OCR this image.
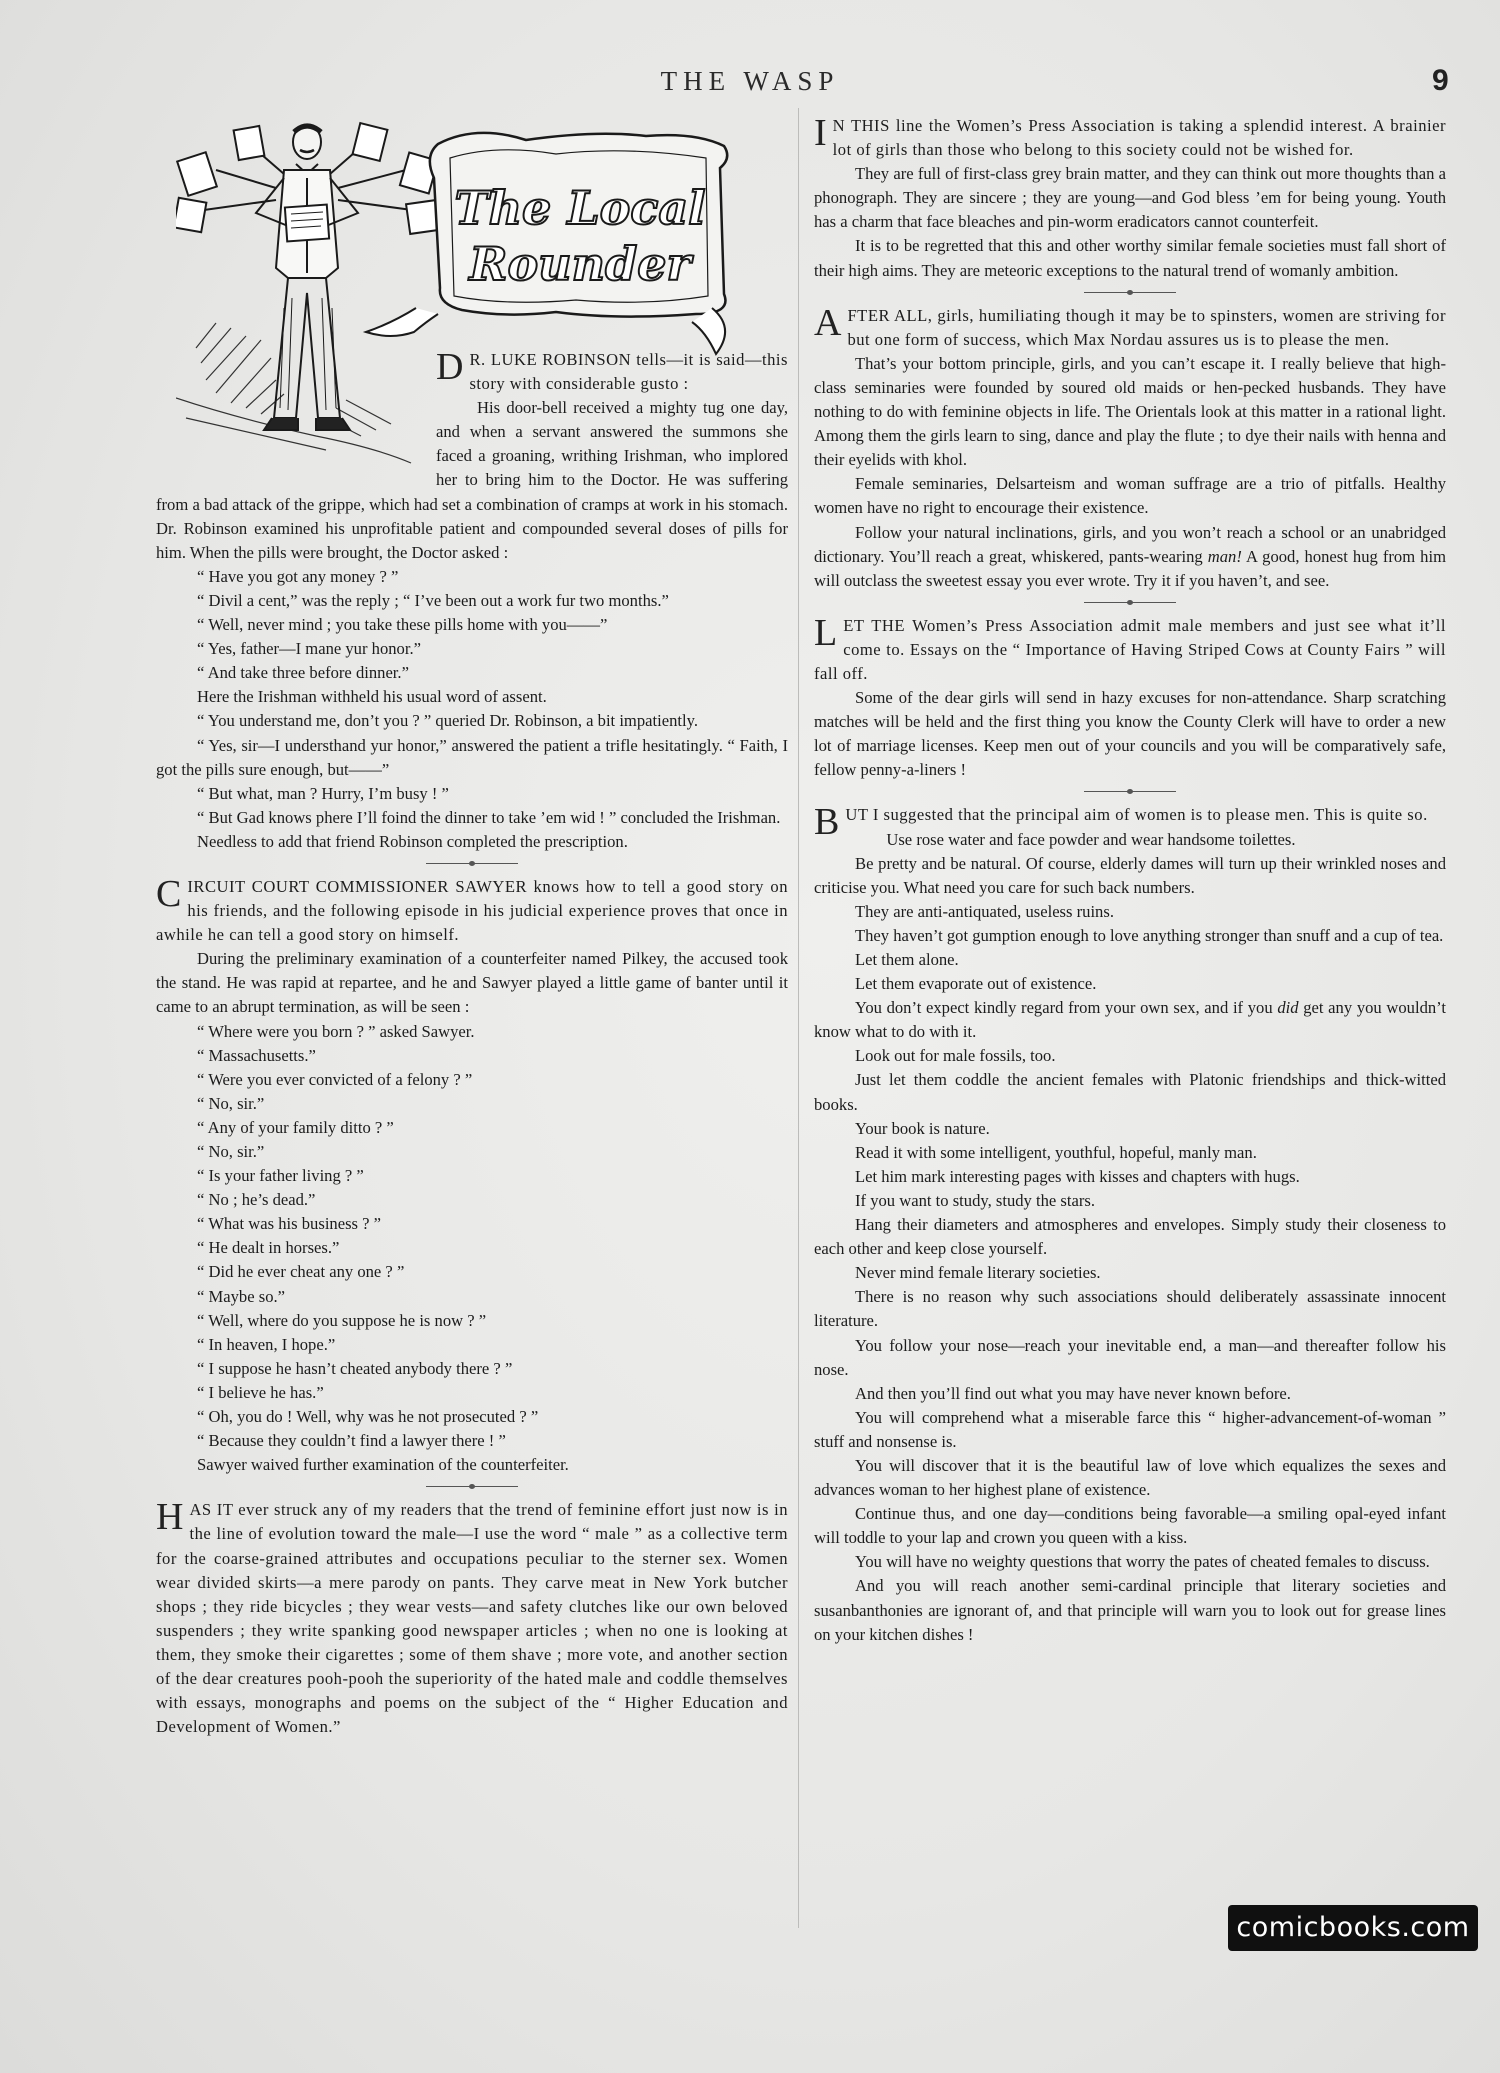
THE WASP	9
The Local
Rounder

D R. LUKE ROBINSON tells—it is said—this story with considerable gusto :

His door-bell received a mighty tug one day, and when a servant answered the summons she faced a groaning, writhing Irishman, who implored her to bring him to the Doctor. He was suffering from a bad attack of the grippe, which had set a combination of cramps at work in his stomach. Dr. Robinson examined his unprofitable patient and compounded several doses of pills for him. When the pills were brought, the Doctor asked :

“ Have you got any money ? ”

“ Divil a cent,” was the reply ; “ I’ve been out a work fur two months.”

“ Well, never mind ; you take these pills home with you——”

“ Yes, father—I mane yur honor.”

“ And take three before dinner.”

Here the Irishman withheld his usual word of assent.

“ You understand me, don’t you ? ” queried Dr. Robinson, a bit impatiently.

“ Yes, sir—I understhand yur honor,” answered the patient a trifle hesitatingly. “ Faith, I got the pills sure enough, but——”

“ But what, man ? Hurry, I’m busy ! ”

“ But Gad knows phere I’ll foind the dinner to take ’em wid ! ” concluded the Irishman.

Needless to add that friend Robinson completed the prescription.

CIRCUIT COURT COMMISSIONER SAWYER knows how to tell a good story on his friends, and the following episode in his judicial experience proves that once in awhile he can tell a good story on himself.

During the preliminary examination of a counterfeiter named Pilkey, the accused took the stand. He was rapid at repartee, and he and Sawyer played a little game of banter until it came to an abrupt termination, as will be seen :

“ Where were you born ? ” asked Sawyer.

“ Massachusetts.”

“ Were you ever convicted of a felony ? ”

“ No, sir.”

“ Any of your family ditto ? ”

“ No, sir.”

“ Is your father living ? ”

“ No ; he’s dead.”

“ What was his business ? ”

“ He dealt in horses.”

“ Did he ever cheat any one ? ”

“ Maybe so.”

“ Well, where do you suppose he is now ? ”

“ In heaven, I hope.”

“ I suppose he hasn’t cheated anybody there ? ”

“ I believe he has.”

“ Oh, you do ! Well, why was he not prosecuted ? ”

“ Because they couldn’t find a lawyer there ! ”

Sawyer waived further examination of the counterfeiter.

HAS IT ever struck any of my readers that the trend of feminine effort just now is in the line of evolution toward the male—I use the word “ male ” as a collective term for the coarse-grained attributes and occupations peculiar to the sterner sex. Women wear divided skirts—a mere parody on pants. They carve meat in New York butcher shops ; they ride bicycles ; they wear vests—and safety clutches like our own beloved suspenders ; they write spanking good newspaper articles ; when no one is looking at them, they smoke their cigarettes ; some of them shave ; more vote, and another section of the dear creatures pooh-pooh the superiority of the hated male and coddle themselves with essays, monographs and poems on the subject of the “ Higher Education and Development of Women.”

I N THIS line the Women’s Press Association is taking a splendid interest. A brainier lot of girls than those who belong to this society could not be wished for.

They are full of first-class grey brain matter, and they can think out more thoughts than a phonograph. They are sincere ; they are young—and God bless ’em for being young. Youth has a charm that face bleaches and pin-worm eradicators cannot counterfeit.

It is to be regretted that this and other worthy similar female societies must fall short of their high aims. They are meteoric exceptions to the natural trend of womanly ambition.

AFTER ALL, girls, humiliating though it may be to spinsters, women are striving for but one form of success, which Max Nordau assures us is to please the men.

That’s your bottom principle, girls, and you can’t escape it. I really believe that high-class seminaries were founded by soured old maids or hen-pecked husbands. They have nothing to do with feminine objects in life. The Orientals look at this matter in a rational light. Among them the girls learn to sing, dance and play the flute ; to dye their nails with henna and their eyelids with khol.

Female seminaries, Delsarteism and woman suffrage are a trio of pitfalls. Healthy women have no right to encourage their existence.

Follow your natural inclinations, girls, and you won’t reach a school or an unabridged dictionary. You’ll reach a great, whiskered, pants-wearing man! A good, honest hug from him will outclass the sweetest essay you ever wrote. Try it if you haven’t, and see.

LET THE Women’s Press Association admit male members and just see what it’ll come to. Essays on the “ Importance of Having Striped Cows at County Fairs ” will fall off.

Some of the dear girls will send in hazy excuses for non-attendance. Sharp scratching matches will be held and the first thing you know the County Clerk will have to order a new lot of marriage licenses. Keep men out of your councils and you will be comparatively safe, fellow penny-a-liners !

BUT I suggested that the principal aim of women is to please men. This is quite so.

Use rose water and face powder and wear handsome toilettes.

Be pretty and be natural. Of course, elderly dames will turn up their wrinkled noses and criticise you. What need you care for such back numbers.

They are anti-antiquated, useless ruins.

They haven’t got gumption enough to love anything stronger than snuff and a cup of tea.

Let them alone.

Let them evaporate out of existence.

You don’t expect kindly regard from your own sex, and if you did get any you wouldn’t know what to do with it.

Look out for male fossils, too.

Just let them coddle the ancient females with Platonic friendships and thick-witted books.

Your book is nature.

Read it with some intelligent, youthful, hopeful, manly man.

Let him mark interesting pages with kisses and chapters with hugs.

If you want to study, study the stars.

Hang their diameters and atmospheres and envelopes. Simply study their closeness to each other and keep close yourself.

Never mind female literary societies.

There is no reason why such associations should deliberately assassinate innocent literature.

You follow your nose—reach your inevitable end, a man—and thereafter follow his nose.

And then you’ll find out what you may have never known before.

You will comprehend what a miserable farce this “ higher-advancement-of-woman ” stuff and nonsense is.

You will discover that it is the beautiful law of love which equalizes the sexes and advances woman to her highest plane of existence.

Continue thus, and one day—conditions being favorable—a smiling opal-eyed infant will toddle to your lap and crown you queen with a kiss.

You will have no weighty questions that worry the pates of cheated females to discuss.

And you will reach another semi-cardinal principle that literary societies and susanbanthonies are ignorant of, and that principle will warn you to look out for grease lines on your kitchen dishes !

comicbooks.com
